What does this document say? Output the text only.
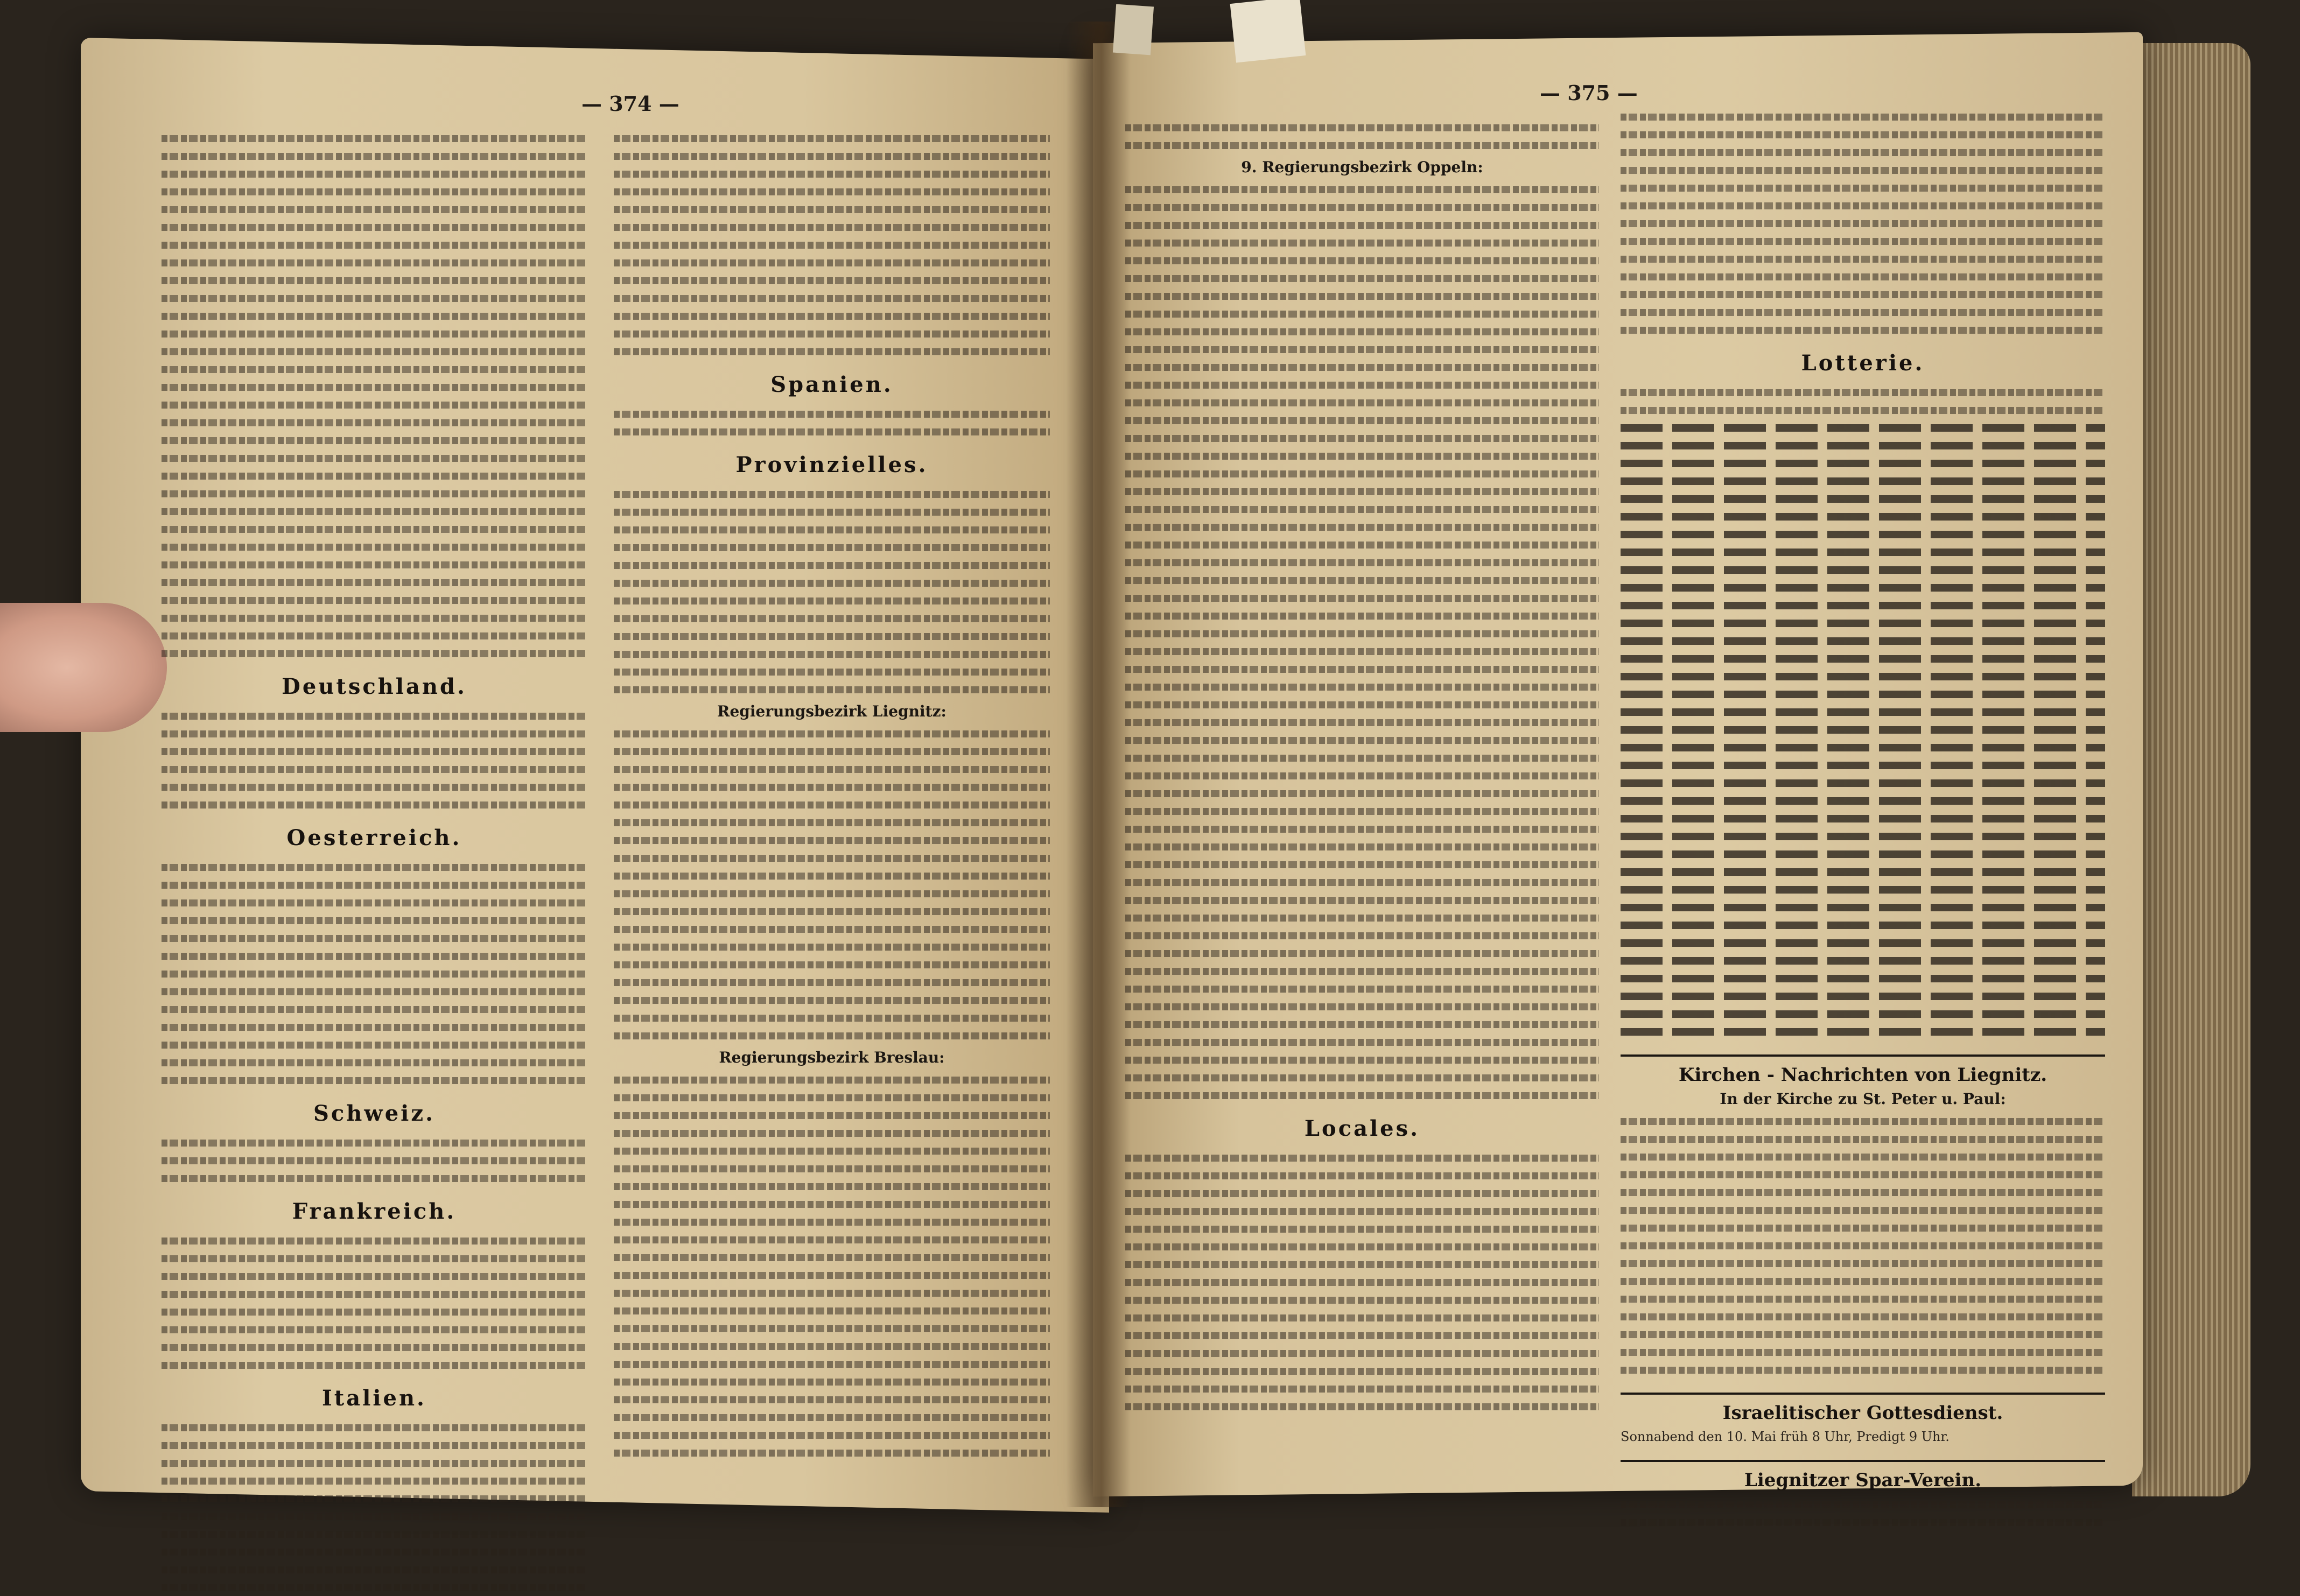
— 374 —	— 375 —
Deutschland.
Oesterreich.
Schweiz.
Frankreich.
Italien.
Spanien.
Provinzielles.
Regierungsbezirk Liegnitz:
Regierungsbezirk Breslau:
9. Regierungsbezirk Oppeln:
Locales.
Lotterie.
Kirchen - Nachrichten von Liegnitz.
In der Kirche zu St. Peter u. Paul:
Israelitischer Gottesdienst.

Sonnabend den 10. Mai früh 8 Uhr, Predigt 9 Uhr.

Liegnitzer Spar-Verein.
